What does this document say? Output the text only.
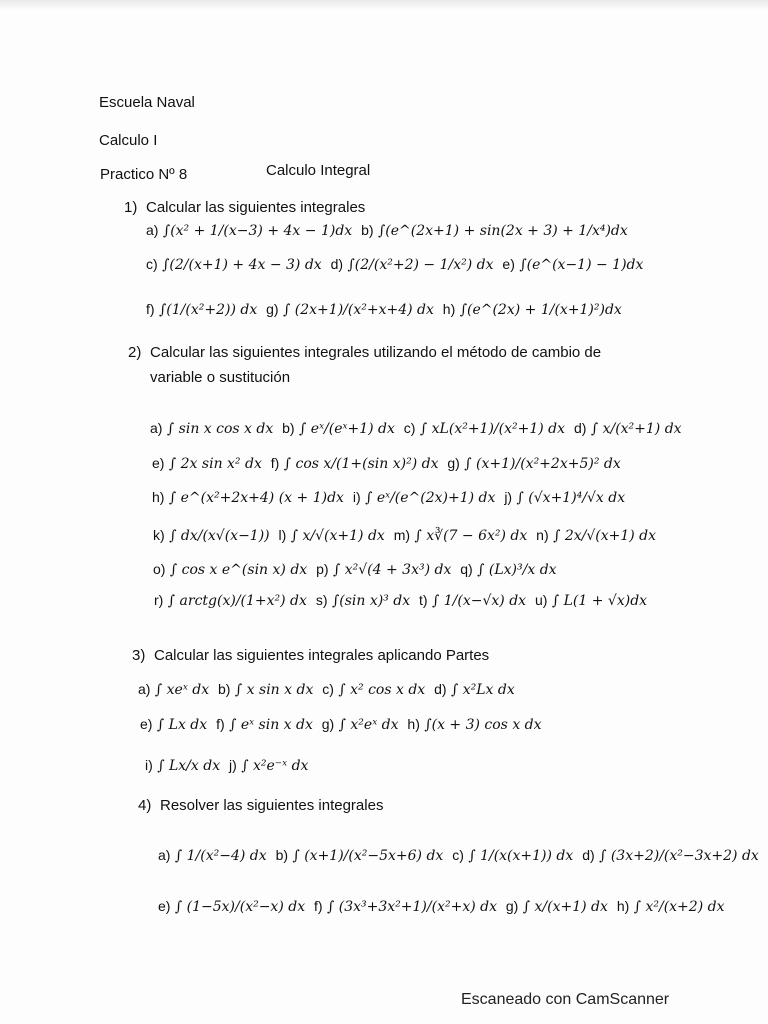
Escuela Naval
Calculo I
Practico Nº 8	Calculo Integral
1) Calcular las siguientes integrales
a) ∫(x² + 1/(x−3) + 4x − 1)dx b) ∫(e^(2x+1) + sin(2x + 3) + 1/x⁴)dx
c) ∫(2/(x+1) + 4x − 3) dx d) ∫(2/(x²+2) − 1/x²) dx e) ∫(e^(x−1) − 1)dx
f) ∫(1/(x²+2)) dx g) ∫ (2x+1)/(x²+x+4) dx h) ∫(e^(2x) + 1/(x+1)²)dx
2) Calcular las siguientes integrales utilizando el método de cambio de
variable o sustitución
a) ∫ sin x cos x dx b) ∫ eˣ/(eˣ+1) dx c) ∫ xL(x²+1)/(x²+1) dx d) ∫ x/(x²+1) dx
e) ∫ 2x sin x² dx f) ∫ cos x/(1+(sin x)²) dx g) ∫ (x+1)/(x²+2x+5)² dx
h) ∫ e^(x²+2x+4) (x + 1)dx i) ∫ eˣ/(e^(2x)+1) dx j) ∫ (√x+1)⁴/√x dx
k) ∫ dx/(x√(x−1)) l) ∫ x/√(x+1) dx m) ∫ x∛(7 − 6x²) dx n) ∫ 2x/√(x+1) dx
o) ∫ cos x e^(sin x) dx p) ∫ x²√(4 + 3x³) dx q) ∫ (Lx)³/x dx
r) ∫ arctg(x)/(1+x²) dx s) ∫(sin x)³ dx t) ∫ 1/(x−√x) dx u) ∫ L(1 + √x)dx
3) Calcular las siguientes integrales aplicando Partes
a) ∫ xeˣ dx b) ∫ x sin x dx c) ∫ x² cos x dx d) ∫ x²Lx dx
e) ∫ Lx dx f) ∫ eˣ sin x dx g) ∫ x²eˣ dx h) ∫(x + 3) cos x dx
i) ∫ Lx/x dx j) ∫ x²e⁻ˣ dx
4) Resolver las siguientes integrales
a) ∫ 1/(x²−4) dx b) ∫ (x+1)/(x²−5x+6) dx c) ∫ 1/(x(x+1)) dx d) ∫ (3x+2)/(x²−3x+2) dx
e) ∫ (1−5x)/(x²−x) dx f) ∫ (3x³+3x²+1)/(x²+x) dx g) ∫ x/(x+1) dx h) ∫ x²/(x+2) dx
Escaneado con CamScanner
